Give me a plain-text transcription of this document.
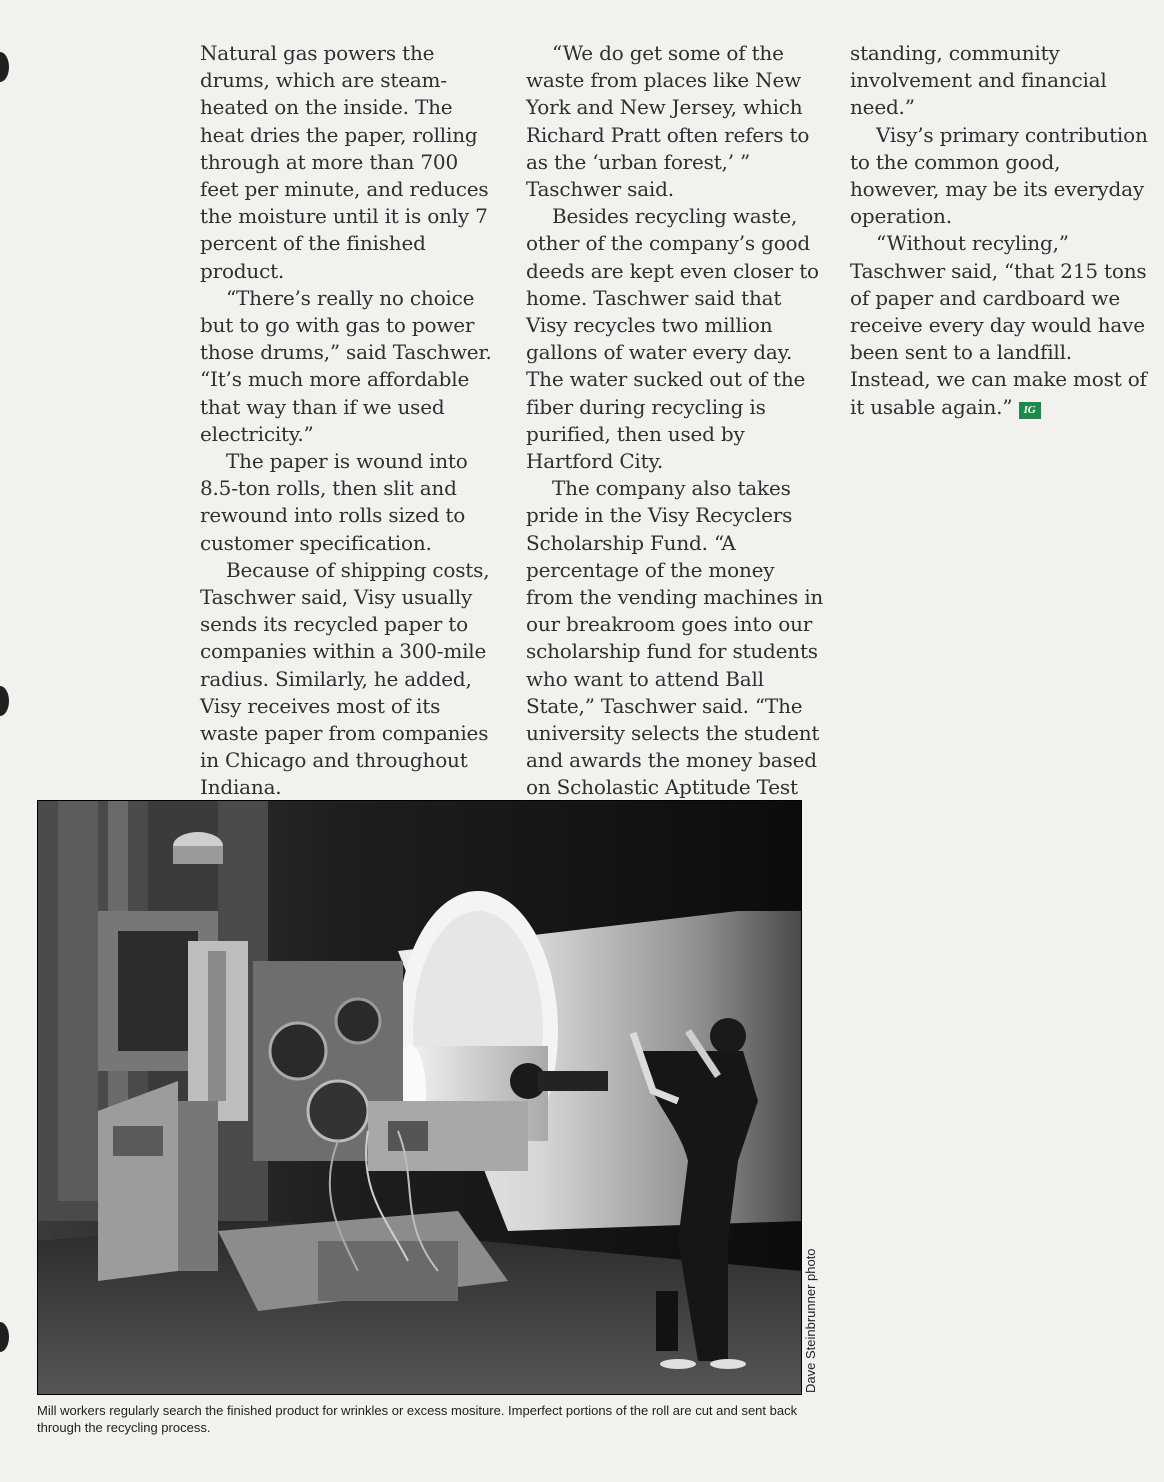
Natural gas powers the drums, which are steam-heated on the inside. The heat dries the paper, rolling through at more than 700 feet per minute, and reduces the moisture until it is only 7 percent of the finished product.

“There’s really no choice but to go with gas to power those drums,” said Taschwer. “It’s much more affordable that way than if we used electricity.”

The paper is wound into 8.5-ton rolls, then slit and rewound into rolls sized to customer specification.

Because of shipping costs, Taschwer said, Visy usually sends its recycled paper to companies within a 300-mile radius. Similarly, he added, Visy receives most of its waste paper from companies in Chicago and throughout Indiana.

“We do get some of the waste from places like New York and New Jersey, which Richard Pratt often refers to as the ‘urban forest,’ ” Taschwer said.

Besides recycling waste, other of the company’s good deeds are kept even closer to home. Taschwer said that Visy recycles two million gallons of water every day. The water sucked out of the fiber during recycling is purified, then used by Hartford City.

The company also takes pride in the Visy Recyclers Scholarship Fund. “A percentage of the money from the vending machines in our breakroom goes into our scholarship fund for students who want to attend Ball State,” Taschwer said. “The university selects the student and awards the money based on Scholastic Aptitude Test

standing, community involvement and financial need.”

Visy’s primary contribution to the common good, however, may be its everyday operation.

“Without recyling,” Taschwer said, “that 215 tons of paper and cardboard we receive every day would have been sent to a landfill. Instead, we can make most of it usable again.” IG

Dave Steinbrunner photo
Mill workers regularly search the finished product for wrinkles or excess mositure. Imperfect portions of the roll are cut and sent back through the recycling process.
